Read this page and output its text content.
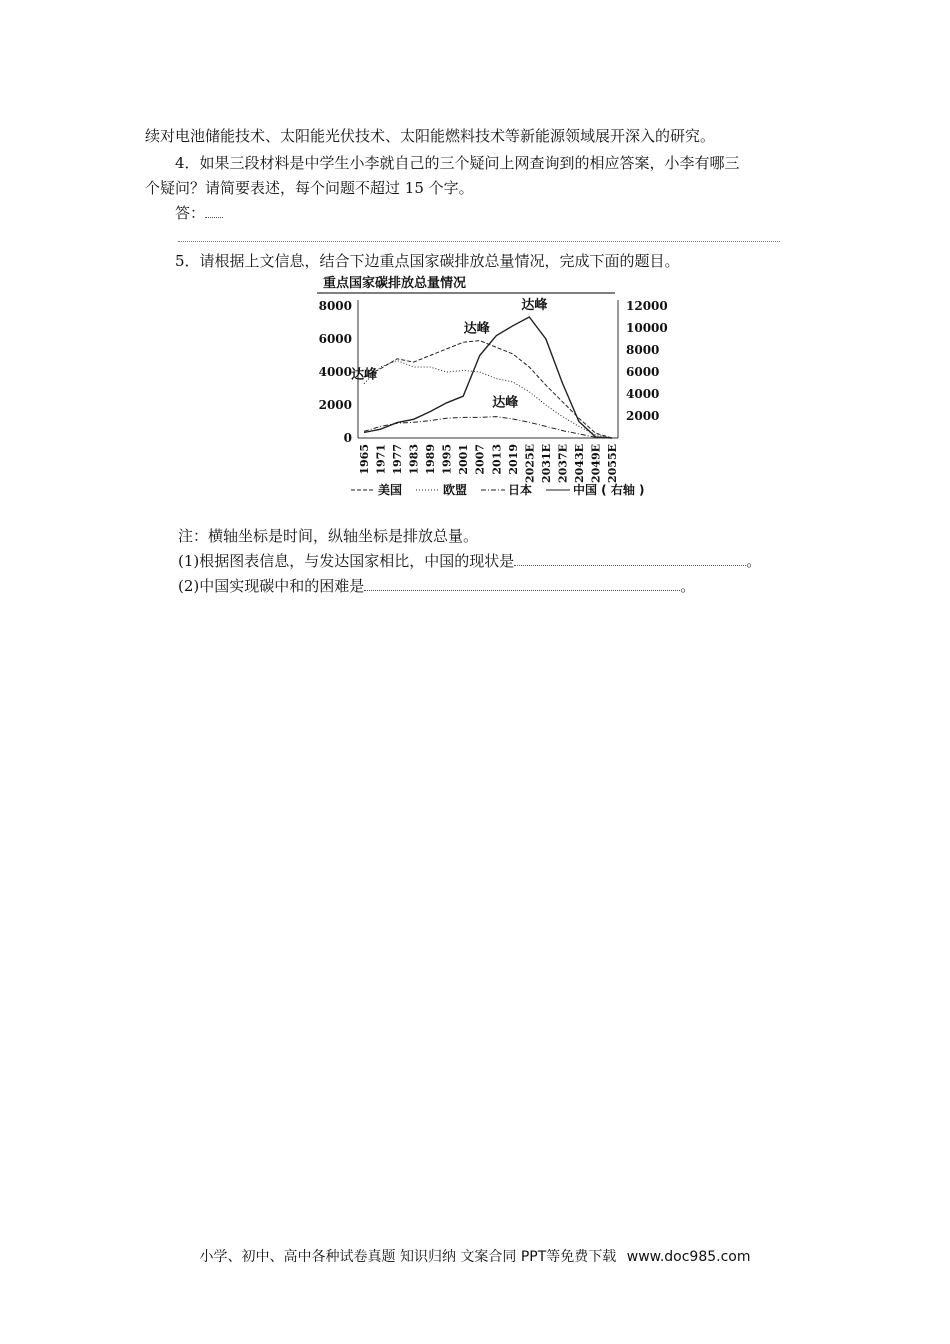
续对电池储能技术、太阳能光伏技术、太阳能燃料技术等新能源领域展开深入的研究。
4．如果三段材料是中学生小李就自己的三个疑问上网查询到的相应答案，小李有哪三
个疑问？请简要表述，每个问题不超过 15 个字。
答：
5．请根据上文信息，结合下边重点国家碳排放总量情况，完成下面的题目。
重点国家碳排放总量情况
0
2000
4000
6000
8000
2000
4000
6000
8000
10000
12000
1965 1971 1977 1983 1989 1995 2001 2007 2013 2019 2025E 2031E 2037E 2043E 2049E 2055E
达峰
达峰
达峰
达峰
美国	欧盟	日本	中国 ( 右轴 )
注：横轴坐标是时间，纵轴坐标是排放总量。
(1)根据图表信息，与发达国家相比，中国的现状是	。
(2)中国实现碳中和的困难是	。
小学、初中、高中各种试卷真题 知识归纳 文案合同 PPT等免费下载 www.doc985.com
